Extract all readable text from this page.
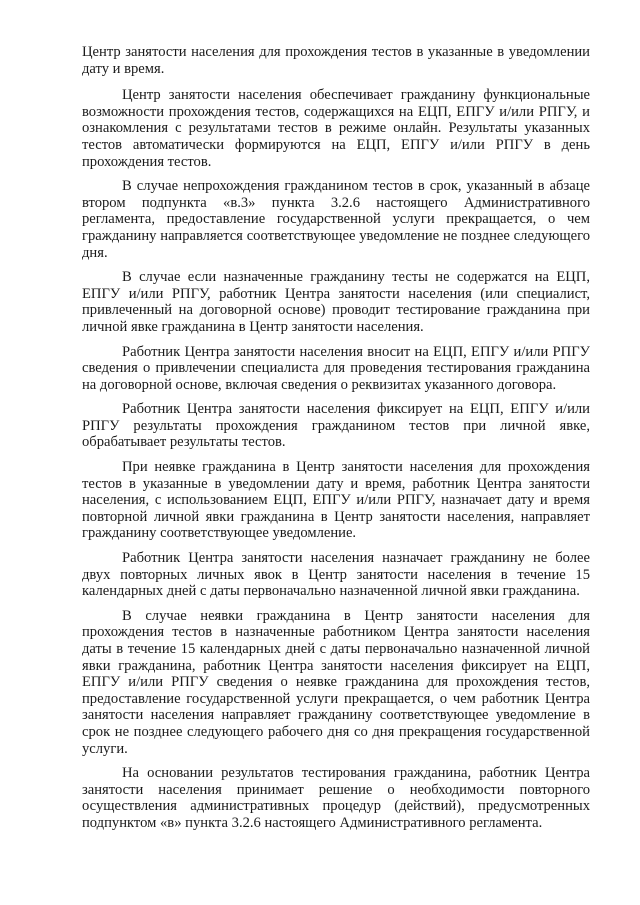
Центр занятости населения для прохождения тестов в указанные в уведомлении дату и время.

Центр занятости населения обеспечивает гражданину функциональные возможности прохождения тестов, содержащихся на ЕЦП, ЕПГУ и/или РПГУ, и ознакомления с результатами тестов в режиме онлайн. Результаты указанных тестов автоматически формируются на ЕЦП, ЕПГУ и/или РПГУ в день прохождения тестов.

В случае непрохождения гражданином тестов в срок, указанный в абзаце втором подпункта «в.3» пункта 3.2.6 настоящего Административного регламента, предоставление государственной услуги прекращается, о чем гражданину направляется соответствующее уведомление не позднее следующего дня.

В случае если назначенные гражданину тесты не содержатся на ЕЦП, ЕПГУ и/или РПГУ, работник Центра занятости населения (или специалист, привлеченный на договорной основе) проводит тестирование гражданина при личной явке гражданина в Центр занятости населения.

Работник Центра занятости населения вносит на ЕЦП, ЕПГУ и/или РПГУ сведения о привлечении специалиста для проведения тестирования гражданина на договорной основе, включая сведения о реквизитах указанного договора.

Работник Центра занятости населения фиксирует на ЕЦП, ЕПГУ и/или РПГУ результаты прохождения гражданином тестов при личной явке, обрабатывает результаты тестов.

При неявке гражданина в Центр занятости населения для прохождения тестов в указанные в уведомлении дату и время, работник Центра занятости населения, с использованием ЕЦП, ЕПГУ и/или РПГУ, назначает дату и время повторной личной явки гражданина в Центр занятости населения, направляет гражданину соответствующее уведомление.

Работник Центра занятости населения назначает гражданину не более двух повторных личных явок в Центр занятости населения в течение 15 календарных дней с даты первоначально назначенной личной явки гражданина.

В случае неявки гражданина в Центр занятости населения для прохождения тестов в назначенные работником Центра занятости населения даты в течение 15 календарных дней с даты первоначально назначенной личной явки гражданина, работник Центра занятости населения фиксирует на ЕЦП, ЕПГУ и/или РПГУ сведения о неявке гражданина для прохождения тестов, предоставление государственной услуги прекращается, о чем работник Центра занятости населения направляет гражданину соответствующее уведомление в срок не позднее следующего рабочего дня со дня прекращения государственной услуги.

На основании результатов тестирования гражданина, работник Центра занятости населения принимает решение о необходимости повторного осуществления административных процедур (действий), предусмотренных подпунктом «в» пункта 3.2.6 настоящего Административного регламента.
